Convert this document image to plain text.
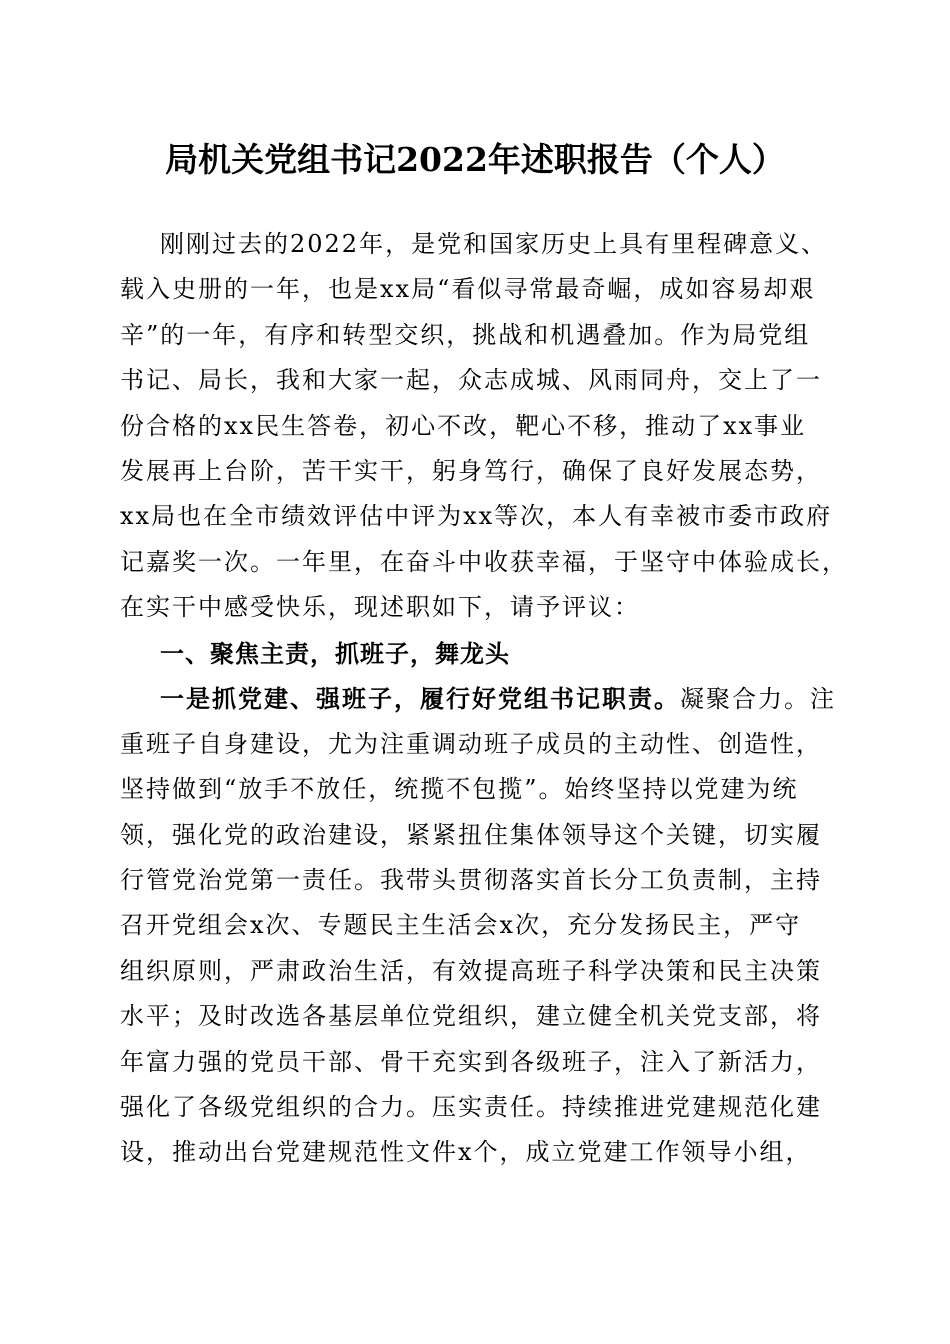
局机关党组书记2022年述职报告（个人）
刚刚过去的2022年，是党和国家历史上具有里程碑意义、
载入史册的一年，也是xx局“看似寻常最奇崛，成如容易却艰
辛”的一年，有序和转型交织，挑战和机遇叠加。作为局党组
书记、局长，我和大家一起，众志成城、风雨同舟，交上了一
份合格的xx民生答卷，初心不改，靶心不移，推动了xx事业
发展再上台阶，苦干实干，躬身笃行，确保了良好发展态势，
xx局也在全市绩效评估中评为xx等次，本人有幸被市委市政府
记嘉奖一次。一年里，在奋斗中收获幸福，于坚守中体验成长，
在实干中感受快乐，现述职如下，请予评议：
一、聚焦主责，抓班子，舞龙头
一是抓党建、强班子，履行好党组书记职责。凝聚合力。注
重班子自身建设，尤为注重调动班子成员的主动性、创造性，
坚持做到“放手不放任，统揽不包揽”。始终坚持以党建为统
领，强化党的政治建设，紧紧扭住集体领导这个关键，切实履
行管党治党第一责任。我带头贯彻落实首长分工负责制，主持
召开党组会x次、专题民主生活会x次，充分发扬民主，严守
组织原则，严肃政治生活，有效提高班子科学决策和民主决策
水平；及时改选各基层单位党组织，建立健全机关党支部，将
年富力强的党员干部、骨干充实到各级班子，注入了新活力，
强化了各级党组织的合力。压实责任。持续推进党建规范化建
设，推动出台党建规范性文件x个，成立党建工作领导小组，
